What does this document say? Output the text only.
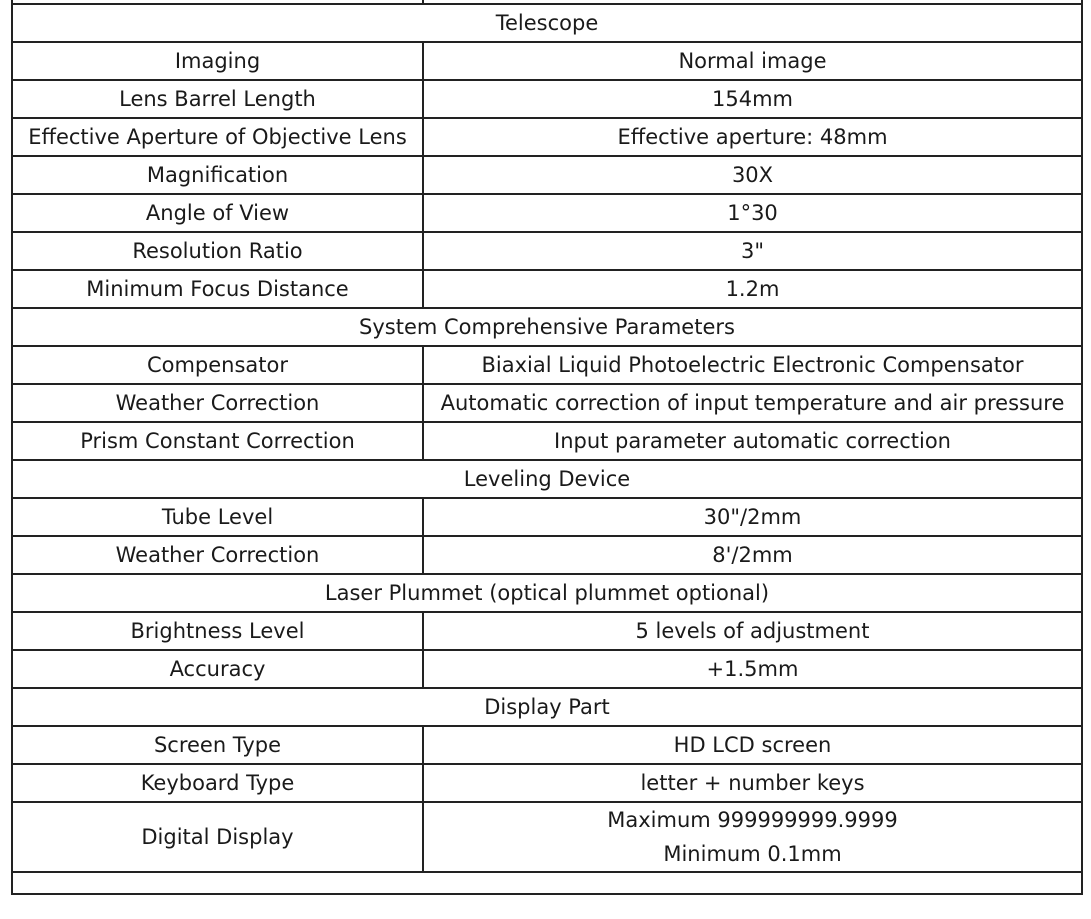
Telescope	
Imaging	Normal image
Lens Barrel Length	154mm
Effective Aperture of Objective Lens	Effective aperture: 48mm
Magnification	30X
Angle of View	1°30
Resolution Ratio	3"
Minimum Focus Distance	1.2m
System Comprehensive Parameters	
Compensator	Biaxial Liquid Photoelectric Electronic Compensator
Weather Correction	Automatic correction of input temperature and air pressure
Prism Constant Correction	Input parameter automatic correction
Leveling Device	
Tube Level	30"/2mm
Weather Correction	8'/2mm
Laser Plummet (optical plummet optional)	
Brightness Level	5 levels of adjustment
Accuracy	+1.5mm
Display Part	
Screen Type	HD LCD screen
Keyboard Type	letter + number keys
Digital Display	Maximum 999999999.9999
Minimum 0.1mm
